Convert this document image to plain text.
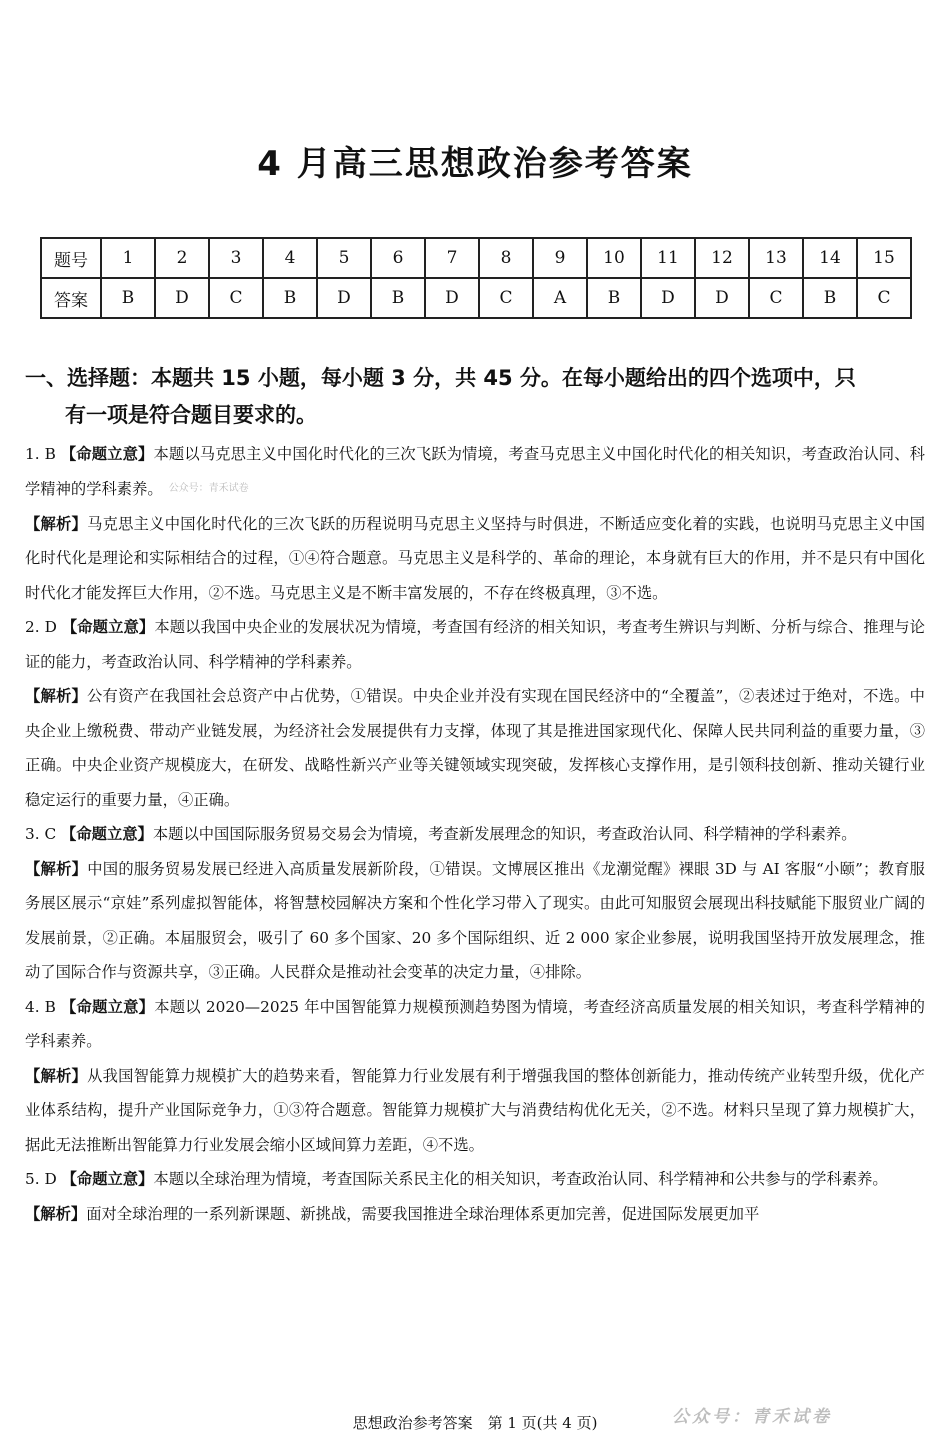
4 月高三思想政治参考答案
题号	1	2	3	4	5	6	7	8	9	10	11	12	13	14	15
答案	B	D	C	B	D	B	D	C	A	B	D	D	C	B	C
一、选择题：本题共 15 小题，每小题 3 分，共 45 分。在每小题给出的四个选项中，只
有一项是符合题目要求的。

1. B 【命题立意】本题以马克思主义中国化时代化的三次飞跃为情境，考查马克思主义中国化时代化的相关知识，考查政治认同、科学精神的学科素养。 公众号：青禾试卷

【解析】马克思主义中国化时代化的三次飞跃的历程说明马克思主义坚持与时俱进，不断适应变化着的实践，也说明马克思主义中国化时代化是理论和实际相结合的过程，①④符合题意。马克思主义是科学的、革命的理论，本身就有巨大的作用，并不是只有中国化时代化才能发挥巨大作用，②不选。马克思主义是不断丰富发展的，不存在终极真理，③不选。

2. D 【命题立意】本题以我国中央企业的发展状况为情境，考查国有经济的相关知识，考查考生辨识与判断、分析与综合、推理与论证的能力，考查政治认同、科学精神的学科素养。

【解析】公有资产在我国社会总资产中占优势，①错误。中央企业并没有实现在国民经济中的“全覆盖”，②表述过于绝对，不选。中央企业上缴税费、带动产业链发展，为经济社会发展提供有力支撑，体现了其是推进国家现代化、保障人民共同利益的重要力量，③正确。中央企业资产规模庞大，在研发、战略性新兴产业等关键领域实现突破，发挥核心支撑作用，是引领科技创新、推动关键行业稳定运行的重要力量，④正确。

3. C 【命题立意】本题以中国国际服务贸易交易会为情境，考查新发展理念的知识，考查政治认同、科学精神的学科素养。

【解析】中国的服务贸易发展已经进入高质量发展新阶段，①错误。文博展区推出《龙潮觉醒》裸眼 3D 与 AI 客服“小颐”；教育服务展区展示“京娃”系列虚拟智能体，将智慧校园解决方案和个性化学习带入了现实。由此可知服贸会展现出科技赋能下服贸业广阔的发展前景，②正确。本届服贸会，吸引了 60 多个国家、20 多个国际组织、近 2 000 家企业参展，说明我国坚持开放发展理念，推动了国际合作与资源共享，③正确。人民群众是推动社会变革的决定力量，④排除。

4. B 【命题立意】本题以 2020—2025 年中国智能算力规模预测趋势图为情境，考查经济高质量发展的相关知识，考查科学精神的学科素养。

【解析】从我国智能算力规模扩大的趋势来看，智能算力行业发展有利于增强我国的整体创新能力，推动传统产业转型升级，优化产业体系结构，提升产业国际竞争力，①③符合题意。智能算力规模扩大与消费结构优化无关，②不选。材料只呈现了算力规模扩大，据此无法推断出智能算力行业发展会缩小区域间算力差距，④不选。

5. D 【命题立意】本题以全球治理为情境，考查国际关系民主化的相关知识，考查政治认同、科学精神和公共参与的学科素养。

【解析】面对全球治理的一系列新课题、新挑战，需要我国推进全球治理体系更加完善，促进国际发展更加平

思想政治参考答案　第 1 页(共 4 页)	公众号：青禾试卷
